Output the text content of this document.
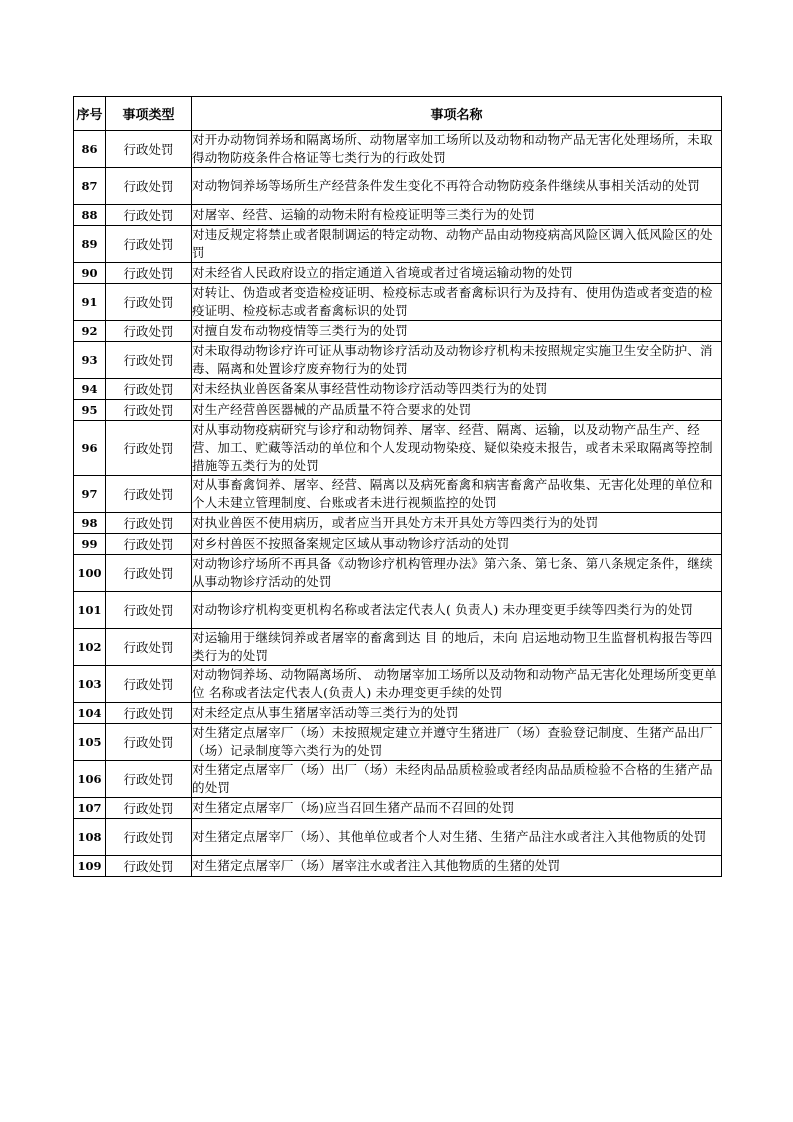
序号	事项类型	事项名称
86	行政处罚	对开办动物饲养场和隔离场所、动物屠宰加工场所以及动物和动物产品无害化处理场所，未取得动物防疫条件合格证等七类行为的行政处罚
87	行政处罚	对动物饲养场等场所生产经营条件发生变化不再符合动物防疫条件继续从事相关活动的处罚
88	行政处罚	对屠宰、经营、运输的动物未附有检疫证明等三类行为的处罚
89	行政处罚	对违反规定将禁止或者限制调运的特定动物、动物产品由动物疫病高风险区调入低风险区的处罚
90	行政处罚	对未经省人民政府设立的指定通道入省境或者过省境运输动物的处罚
91	行政处罚	对转让、伪造或者变造检疫证明、检疫标志或者畜禽标识行为及持有、使用伪造或者变造的检疫证明、检疫标志或者畜禽标识的处罚
92	行政处罚	对擅自发布动物疫情等三类行为的处罚
93	行政处罚	对未取得动物诊疗许可证从事动物诊疗活动及动物诊疗机构未按照规定实施卫生安全防护、消毒、隔离和处置诊疗废弃物行为的处罚
94	行政处罚	对未经执业兽医备案从事经营性动物诊疗活动等四类行为的处罚
95	行政处罚	对生产经营兽医器械的产品质量不符合要求的处罚
96	行政处罚	对从事动物疫病研究与诊疗和动物饲养、屠宰、经营、隔离、运输，以及动物产品生产、经营、加工、贮藏等活动的单位和个人发现动物染疫、疑似染疫未报告，或者未采取隔离等控制措施等五类行为的处罚
97	行政处罚	对从事畜禽饲养、屠宰、经营、隔离以及病死畜禽和病害畜禽产品收集、无害化处理的单位和个人未建立管理制度、台账或者未进行视频监控的处罚
98	行政处罚	对执业兽医不使用病历，或者应当开具处方未开具处方等四类行为的处罚
99	行政处罚	对乡村兽医不按照备案规定区域从事动物诊疗活动的处罚
100	行政处罚	对动物诊疗场所不再具备《动物诊疗机构管理办法》第六条、第七条、第八条规定条件，继续从事动物诊疗活动的处罚
101	行政处罚	对动物诊疗机构变更机构名称或者法定代表人( 负责人) 未办理变更手续等四类行为的处罚
102	行政处罚	对运输用于继续饲养或者屠宰的畜禽到达 目 的地后，未向 启运地动物卫生监督机构报告等四类行为的处罚
103	行政处罚	对动物饲养场、动物隔离场所、 动物屠宰加工场所以及动物和动物产品无害化处理场所变更单位 名称或者法定代表人(负责人) 未办理变更手续的处罚
104	行政处罚	对未经定点从事生猪屠宰活动等三类行为的处罚
105	行政处罚	对生猪定点屠宰厂（场）未按照规定建立并遵守生猪进厂（场）查验登记制度、生猪产品出厂（场）记录制度等六类行为的处罚
106	行政处罚	对生猪定点屠宰厂（场）出厂（场）未经肉品品质检验或者经肉品品质检验不合格的生猪产品的处罚
107	行政处罚	对生猪定点屠宰厂（场)应当召回生猪产品而不召回的处罚
108	行政处罚	对生猪定点屠宰厂（场）、其他单位或者个人对生猪、生猪产品注水或者注入其他物质的处罚
109	行政处罚	对生猪定点屠宰厂（场）屠宰注水或者注入其他物质的生猪的处罚
